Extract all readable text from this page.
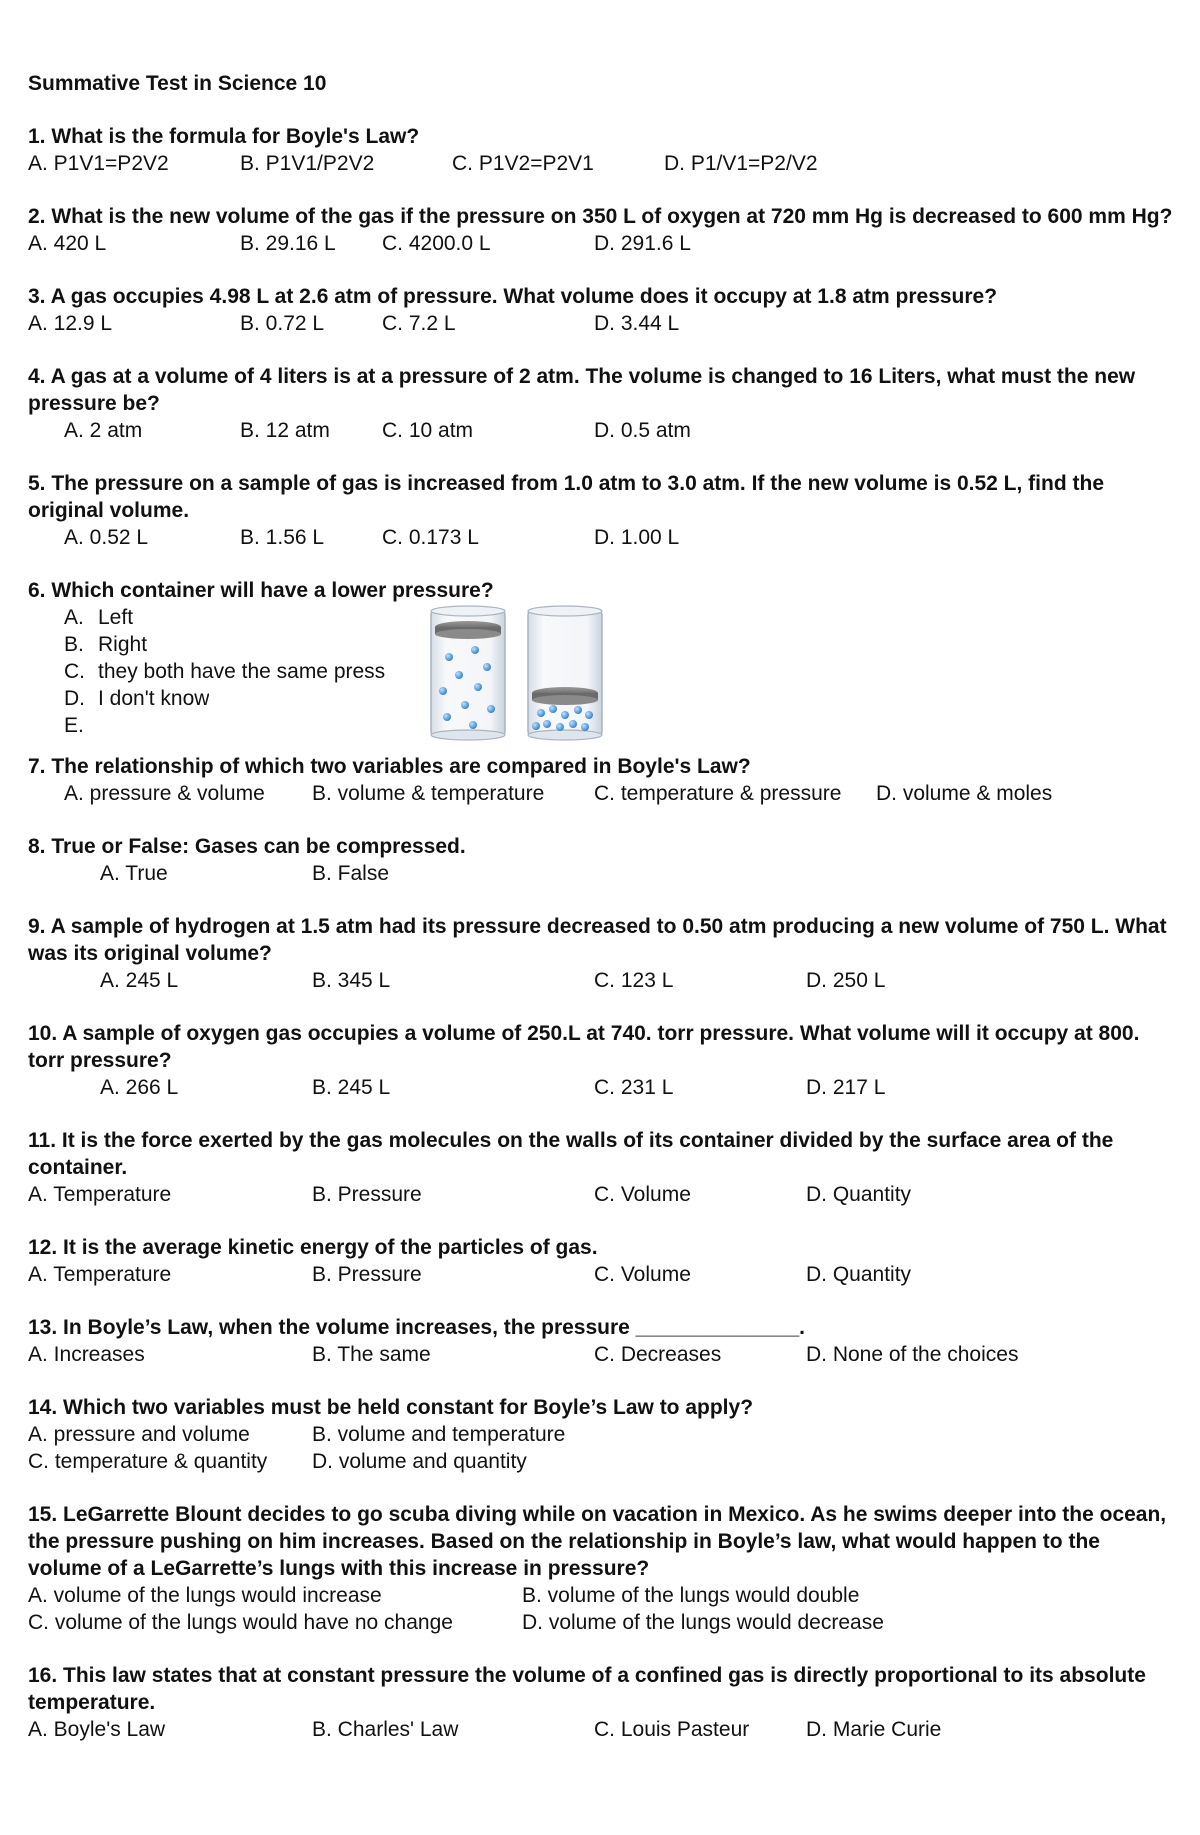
Summative Test in Science 10
1. What is the formula for Boyle's Law?
A. P1V1=P2V2	B. P1V1/P2V2	C. P1V2=P2V1	D. P1/V1=P2/V2
2. What is the new volume of the gas if the pressure on 350 L of oxygen at 720 mm Hg is decreased to 600 mm Hg?
A. 420 L	B. 29.16 L	C. 4200.0 L	D. 291.6 L
3. A gas occupies 4.98 L at 2.6 atm of pressure. What volume does it occupy at 1.8 atm pressure?
A. 12.9 L	B. 0.72 L	C. 7.2 L	D. 3.44 L
4. A gas at a volume of 4 liters is at a pressure of 2 atm. The volume is changed to 16 Liters, what must the new pressure be?
A. 2 atm	B. 12 atm	C. 10 atm	D. 0.5 atm
5. The pressure on a sample of gas is increased from 1.0 atm to 3.0 atm. If the new volume is 0.52 L, find the original volume.
A. 0.52 L	B. 1.56 L	C. 0.173 L	D. 1.00 L
6. Which container will have a lower pressure?
A. Left
B. Right
C. they both have the same press
D. I don't know
E.
7. The relationship of which two variables are compared in Boyle's Law?
A. pressure & volume	B. volume & temperature	C. temperature & pressure	D. volume & moles
8. True or False: Gases can be compressed.
A. True	B. False
9. A sample of hydrogen at 1.5 atm had its pressure decreased to 0.50 atm producing a new volume of 750 L. What was its original volume?
A. 245 L	B. 345 L	C. 123 L	D. 250 L
10. A sample of oxygen gas occupies a volume of 250.L at 740. torr pressure. What volume will it occupy at 800. torr pressure?
A. 266 L	B. 245 L	C. 231 L	D. 217 L
11. It is the force exerted by the gas molecules on the walls of its container divided by the surface area of the container.
A. Temperature	B. Pressure	C. Volume	D. Quantity
12. It is the average kinetic energy of the particles of gas.
A. Temperature	B. Pressure	C. Volume	D. Quantity
13. In Boyle’s Law, when the volume increases, the pressure ______________.
A. Increases	B. The same	C. Decreases	D. None of the choices
14. Which two variables must be held constant for Boyle’s Law to apply?
A. pressure and volume	B. volume and temperature
C. temperature & quantity	D. volume and quantity
15. LeGarrette Blount decides to go scuba diving while on vacation in Mexico. As he swims deeper into the ocean, the pressure pushing on him increases. Based on the relationship in Boyle’s law, what would happen to the volume of a LeGarrette’s lungs with this increase in pressure?
A. volume of the lungs would increase	B. volume of the lungs would double
C. volume of the lungs would have no change	D. volume of the lungs would decrease
16. This law states that at constant pressure the volume of a confined gas is directly proportional to its absolute temperature.
A. Boyle's Law	B. Charles' Law	C. Louis Pasteur	D. Marie Curie
